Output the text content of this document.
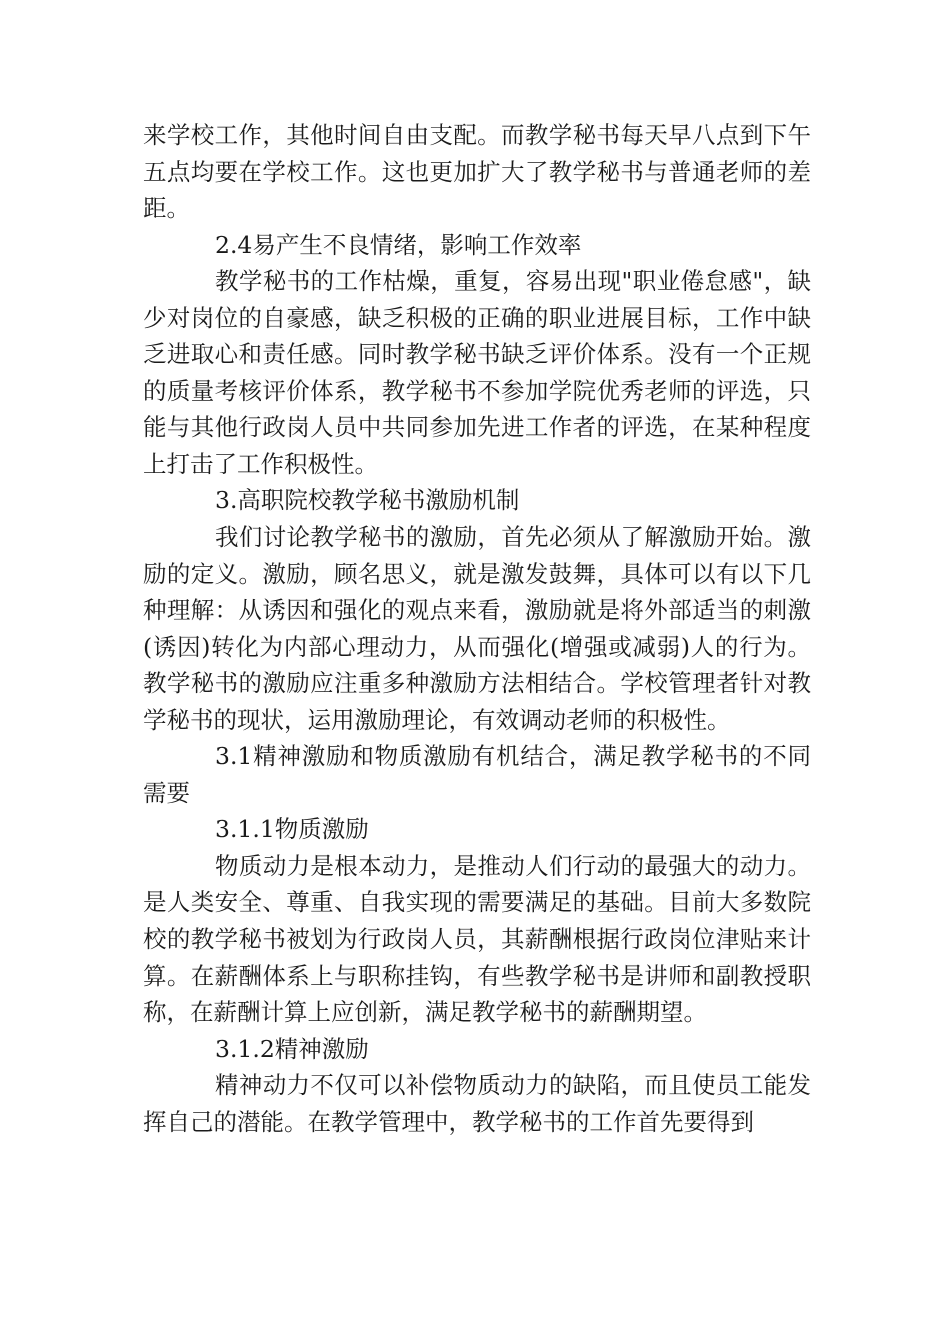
来学校工作，其他时间自由支配。而教学秘书每天早八点到下午五点均要在学校工作。这也更加扩大了教学秘书与普通老师的差距。

2.4易产生不良情绪，影响工作效率

教学秘书的工作枯燥，重复，容易出现"职业倦怠感"，缺少对岗位的自豪感，缺乏积极的正确的职业进展目标，工作中缺乏进取心和责任感。同时教学秘书缺乏评价体系。没有一个正规的质量考核评价体系，教学秘书不参加学院优秀老师的评选，只能与其他行政岗人员中共同参加先进工作者的评选，在某种程度上打击了工作积极性。

3.高职院校教学秘书激励机制

我们讨论教学秘书的激励，首先必须从了解激励开始。激励的定义。激励，顾名思义，就是激发鼓舞，具体可以有以下几种理解：从诱因和强化的观点来看，激励就是将外部适当的刺激(诱因)转化为内部心理动力，从而强化(增强或减弱)人的行为。教学秘书的激励应注重多种激励方法相结合。学校管理者针对教学秘书的现状，运用激励理论，有效调动老师的积极性。

3.1精神激励和物质激励有机结合，满足教学秘书的不同需要

3.1.1物质激励

物质动力是根本动力，是推动人们行动的最强大的动力。是人类安全、尊重、自我实现的需要满足的基础。目前大多数院校的教学秘书被划为行政岗人员，其薪酬根据行政岗位津贴来计算。在薪酬体系上与职称挂钩，有些教学秘书是讲师和副教授职称，在薪酬计算上应创新，满足教学秘书的薪酬期望。

3.1.2精神激励

精神动力不仅可以补偿物质动力的缺陷，而且使员工能发挥自己的潜能。在教学管理中，教学秘书的工作首先要得到
